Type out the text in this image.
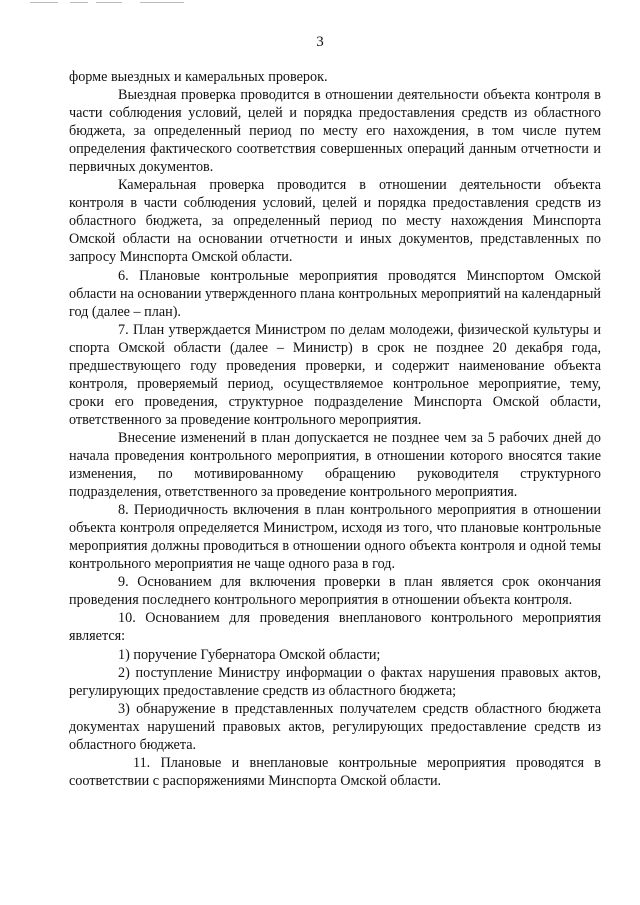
3

форме выездных и камеральных проверок.

Выездная проверка проводится в отношении деятельности объекта контроля в части соблюдения условий, целей и порядка предоставления средств из областного бюджета, за определенный период по месту его нахождения, в том числе путем определения фактического соответствия совершенных операций данным отчетности и первичных документов.

Камеральная проверка проводится в отношении деятельности объекта контроля в части соблюдения условий, целей и порядка предоставления средств из областного бюджета, за определенный период по месту нахождения Минспорта Омской области на основании отчетности и иных документов, представленных по запросу Минспорта Омской области.

6. Плановые контрольные мероприятия проводятся Минспортом Омской области на основании утвержденного плана контрольных мероприятий на календарный год (далее – план).

7. План утверждается Министром по делам молодежи, физической культуры и спорта Омской области (далее – Министр) в срок не позднее 20 декабря года, предшествующего году проведения проверки, и содержит наименование объекта контроля, проверяемый период, осуществляемое контрольное мероприятие, тему, сроки его проведения, структурное подразделение Минспорта Омской области, ответственного за проведение контрольного мероприятия.

Внесение изменений в план допускается не позднее чем за 5 рабочих дней до начала проведения контрольного мероприятия, в отношении которого вносятся такие изменения, по мотивированному обращению руководителя структурного подразделения, ответственного за проведение контрольного мероприятия.

8. Периодичность включения в план контрольного мероприятия в отношении объекта контроля определяется Министром, исходя из того, что плановые контрольные мероприятия должны проводиться в отношении одного объекта контроля и одной темы контрольного мероприятия не чаще одного раза в год.

9. Основанием для включения проверки в план является срок окончания проведения последнего контрольного мероприятия в отношении объекта контроля.

10. Основанием для проведения внепланового контрольного мероприятия является:

1) поручение Губернатора Омской области;

2) поступление Министру информации о фактах нарушения правовых актов, регулирующих предоставление средств из областного бюджета;

3) обнаружение в представленных получателем средств областного бюджета документах нарушений правовых актов, регулирующих предоставление средств из областного бюджета.

11. Плановые и внеплановые контрольные мероприятия проводятся в соответствии с распоряжениями Минспорта Омской области.
